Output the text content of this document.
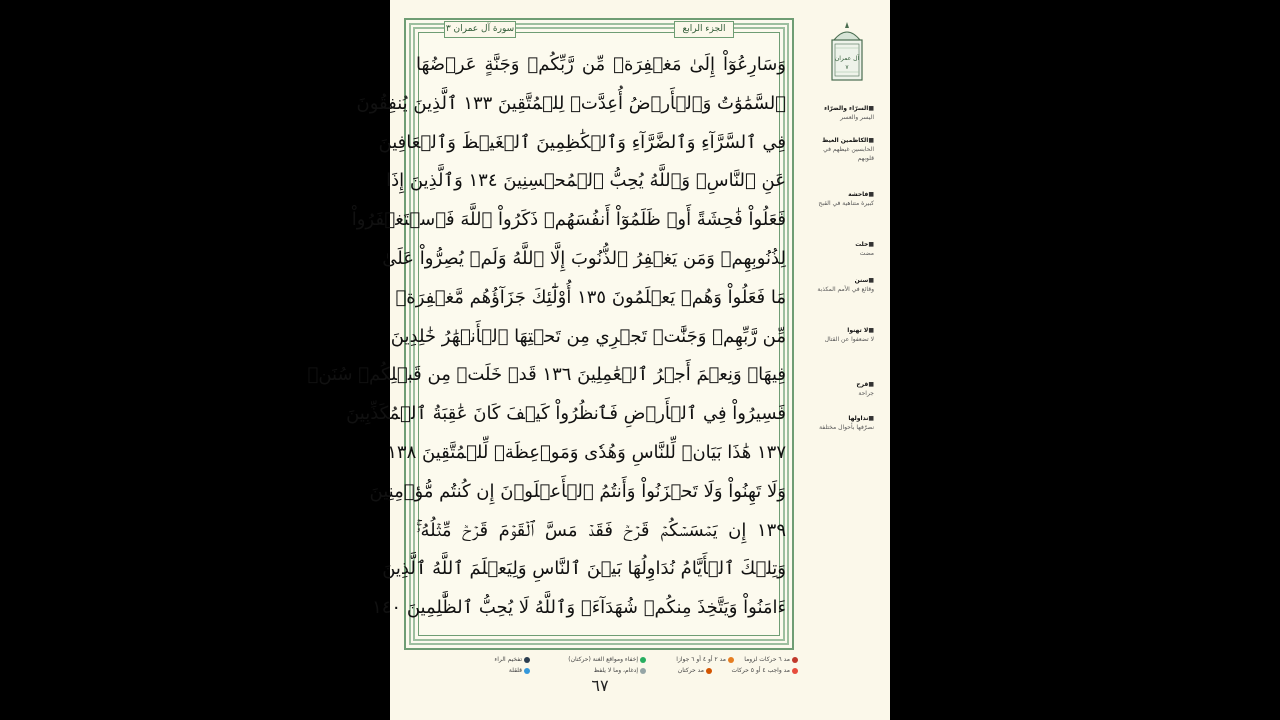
الجزء الرابع
سورة آل عمران ٣
وَسَارِعُوٓاْ إِلَىٰ مَغۡفِرَةٖ مِّن رَّبِّكُمۡ وَجَنَّةٍ عَرۡضُهَا
ٱلسَّمَٰوَٰتُ وَٱلۡأَرۡضُ أُعِدَّتۡ لِلۡمُتَّقِينَ ١٣٣ ٱلَّذِينَ يُنفِقُونَ
فِي ٱلسَّرَّآءِ وَٱلضَّرَّآءِ وَٱلۡكَٰظِمِينَ ٱلۡغَيۡظَ وَٱلۡعَافِينَ
عَنِ ٱلنَّاسِۗ وَٱللَّهُ يُحِبُّ ٱلۡمُحۡسِنِينَ ١٣٤ وَٱلَّذِينَ إِذَا
فَعَلُواْ فَٰحِشَةً أَوۡ ظَلَمُوٓاْ أَنفُسَهُمۡ ذَكَرُواْ ٱللَّهَ فَٱسۡتَغۡفَرُواْ
لِذُنُوبِهِمۡ وَمَن يَغۡفِرُ ٱلذُّنُوبَ إِلَّا ٱللَّهُ وَلَمۡ يُصِرُّواْ عَلَىٰ
مَا فَعَلُواْ وَهُمۡ يَعۡلَمُونَ ١٣٥ أُوْلَٰٓئِكَ جَزَآؤُهُم مَّغۡفِرَةٞ
مِّن رَّبِّهِمۡ وَجَنَّٰتٞ تَجۡرِي مِن تَحۡتِهَا ٱلۡأَنۡهَٰرُ خَٰلِدِينَ
فِيهَاۚ وَنِعۡمَ أَجۡرُ ٱلۡعَٰمِلِينَ ١٣٦ قَدۡ خَلَتۡ مِن قَبۡلِكُمۡ سُنَنٞ
فَسِيرُواْ فِي ٱلۡأَرۡضِ فَٱنظُرُواْ كَيۡفَ كَانَ عَٰقِبَةُ ٱلۡمُكَذِّبِينَ
١٣٧ هَٰذَا بَيَانٞ لِّلنَّاسِ وَهُدٗى وَمَوۡعِظَةٞ لِّلۡمُتَّقِينَ ١٣٨
وَلَا تَهِنُواْ وَلَا تَحۡزَنُواْ وَأَنتُمُ ٱلۡأَعۡلَوۡنَ إِن كُنتُم مُّؤۡمِنِينَ
١٣٩ إِن يَمۡسَسۡكُمۡ قَرۡحٞ فَقَدۡ مَسَّ ٱلۡقَوۡمَ قَرۡحٞ مِّثۡلُهُۥۚ
وَتِلۡكَ ٱلۡأَيَّامُ نُدَاوِلُهَا بَيۡنَ ٱلنَّاسِ وَلِيَعۡلَمَ ٱللَّهُ ٱلَّذِينَ
ءَامَنُواْ وَيَتَّخِذَ مِنكُمۡ شُهَدَآءَۗ وَٱللَّهُ لَا يُحِبُّ ٱلظَّٰلِمِينَ ١٤٠
مد ٦ حركات لزوما
مد ٢ أو ٤ أو ٦ جوازا
إخفاء ومواقع الغنة (حركتان)
تفخيم الراء
مد واجب ٤ أو ٥ حركات
مد حركتان
إدغام، وما لا يلفظ
قلقلة
٦٧
آل عمران
٧
■ السرّاء والضرّاء
اليسر والعسر
■ الكاظمين الغيظ
الحابسين غيظهم في قلوبهم
■ فاحشة
كبيرة متناهية في القبح
■ خلت
مضت
■ سنن
وقائع في الأمم المكذبة
■ لا تهنوا
لا تضعفوا عن القتال
■ قرح
جراحة
■ نداولها
نصرّفها بأحوال مختلفة
